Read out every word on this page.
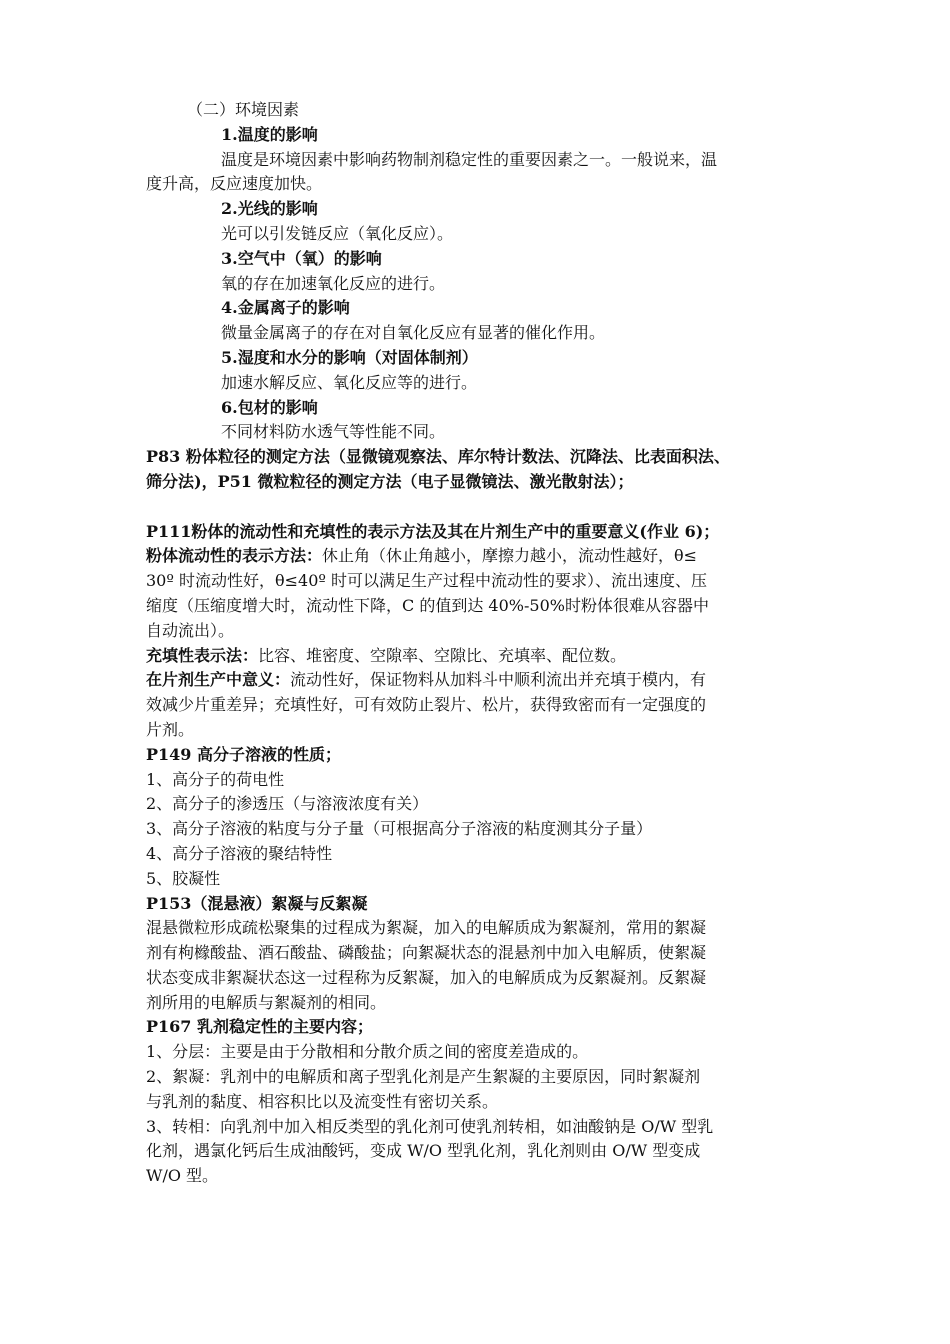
（二）环境因素
1.温度的影响
温度是环境因素中影响药物制剂稳定性的重要因素之一。一般说来，温
度升高，反应速度加快。
2.光线的影响
光可以引发链反应（氧化反应）。
3.空气中（氧）的影响
氧的存在加速氧化反应的进行。
4.金属离子的影响
微量金属离子的存在对自氧化反应有显著的催化作用。
5.湿度和水分的影响（对固体制剂）
加速水解反应、氧化反应等的进行。
6.包材的影响
不同材料防水透气等性能不同。
P83 粉体粒径的测定方法（显微镜观察法、库尔特计数法、沉降法、比表面积法、
筛分法)，P51 微粒粒径的测定方法（电子显微镜法、激光散射法）；
P111粉体的流动性和充填性的表示方法及其在片剂生产中的重要意义(作业 6)；
粉体流动性的表示方法：休止角（休止角越小，摩擦力越小，流动性越好，θ≤
30º 时流动性好，θ≤40º 时可以满足生产过程中流动性的要求）、流出速度、压
缩度（压缩度增大时，流动性下降，C 的值到达 40%-50%时粉体很难从容器中
自动流出）。
充填性表示法：比容、堆密度、空隙率、空隙比、充填率、配位数。
在片剂生产中意义：流动性好，保证物料从加料斗中顺利流出并充填于模内，有
效减少片重差异；充填性好，可有效防止裂片、松片，获得致密而有一定强度的
片剂。
P149 高分子溶液的性质；
1、高分子的荷电性
2、高分子的渗透压（与溶液浓度有关）
3、高分子溶液的粘度与分子量（可根据高分子溶液的粘度测其分子量）
4、高分子溶液的聚结特性
5、胶凝性
P153（混悬液）絮凝与反絮凝
混悬微粒形成疏松聚集的过程成为絮凝，加入的电解质成为絮凝剂，常用的絮凝
剂有枸橼酸盐、酒石酸盐、磷酸盐；向絮凝状态的混悬剂中加入电解质，使絮凝
状态变成非絮凝状态这一过程称为反絮凝，加入的电解质成为反絮凝剂。反絮凝
剂所用的电解质与絮凝剂的相同。
P167 乳剂稳定性的主要内容；
1、分层：主要是由于分散相和分散介质之间的密度差造成的。
2、絮凝：乳剂中的电解质和离子型乳化剂是产生絮凝的主要原因，同时絮凝剂
与乳剂的黏度、相容积比以及流变性有密切关系。
3、转相：向乳剂中加入相反类型的乳化剂可使乳剂转相，如油酸钠是 O/W 型乳
化剂，遇氯化钙后生成油酸钙，变成 W/O 型乳化剂，乳化剂则由 O/W 型变成
W/O 型。
